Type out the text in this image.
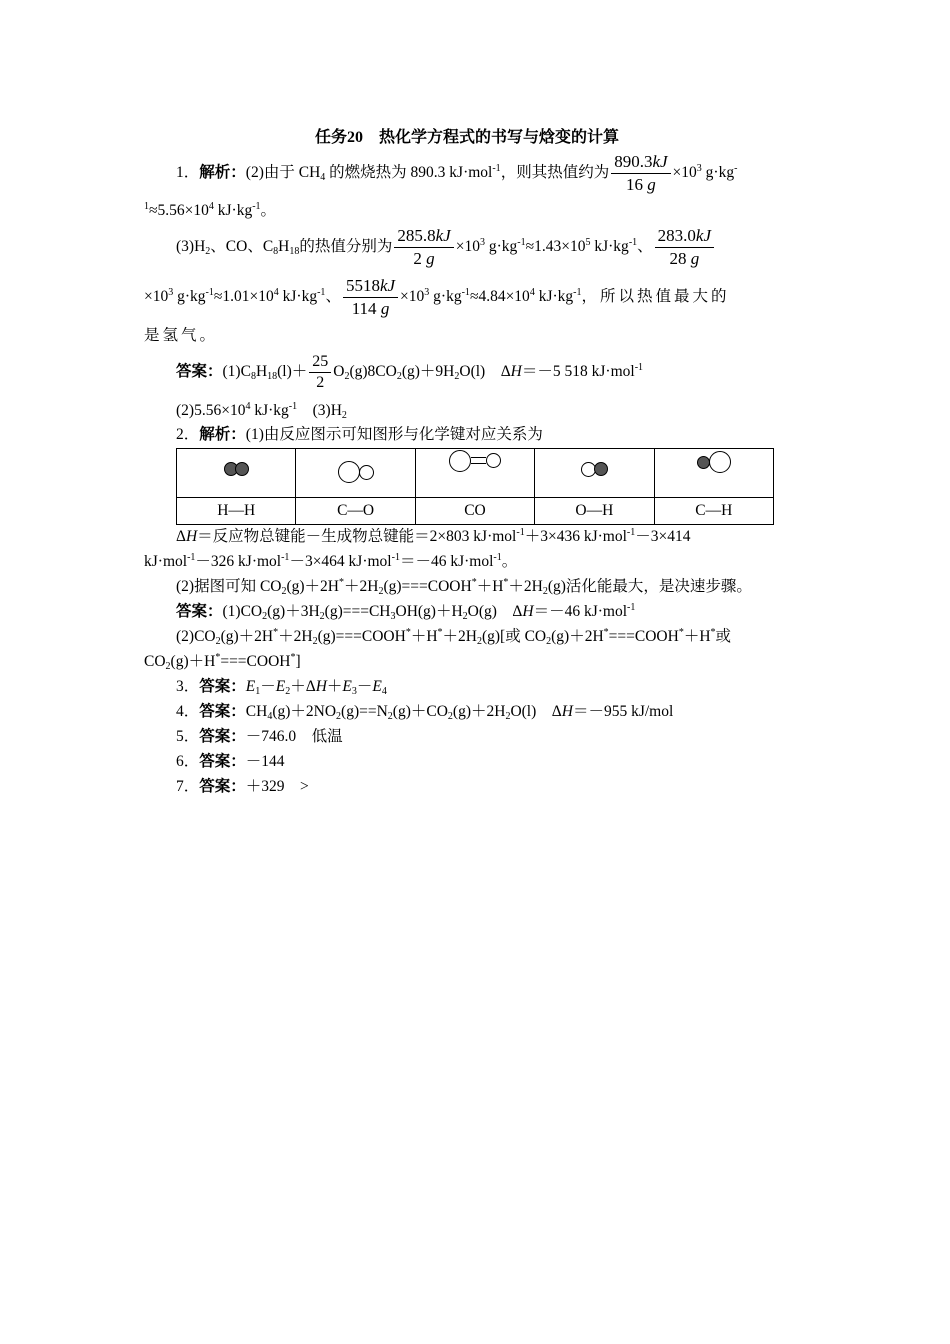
任务20　热化学方程式的书写与焓变的计算
1．解析：(2)由于 $CH_4$ 的燃烧热为 890.3 kJ·mol$^{-1}$，则其热值约为 $\frac{890.3kJ}{16 g} \times 10^3$ g·kg-
$^1\approx 5.56\times 10^4$ $kJ\cdot kg^{-1}$。
$(3)H_2$、CO、$C_8H_{18}$的热值分别为 $\frac{285.8kJ}{2 g} \times 10^3$ $g\cdot kg^{-1}\approx 1.43\times 10^5$ $kJ\cdot kg^{-1}$、 $\frac{283.0kJ}{28 g}$
$\times 10^3$ $g\cdot kg^{-1}\approx 1.01\times 10^4$ $kJ\cdot kg^{-1}$、 $\frac{5518kJ}{114 g} \times 10^3$ $g\cdot kg^{-1}\approx 4.84\times 10^4$ $kJ\cdot kg^{-1}$，所以热值最大的
是氢气。
答案：$(1)C_8H_{18}(l)+ \frac{25}{2} O_2(g)8CO_2(g)+9H_2O(l)$　ΔH＝－5 518 kJ·mol$^{-1}$
$(2)5.56\times 10^4$ $kJ\cdot kg^{-1}$　$(3)H_2$
2．解析：(1)由反应图示可知图形与化学键对应关系为

H—H	C—O	CO	O—H	C—H
ΔH＝反应物总键能－生成物总键能＝2×803 kJ·mol$^{-1}$＋3×436 kJ·mol$^{-1}$－3×414
kJ·mol$^{-1}$－326 kJ·mol$^{-1}$－3×464 kJ·mol$^{-1}$＝－46 kJ·mol$^{-1}$。
(2)据图可知 $CO_2(g)+2H^*+2H_2(g)===COOH^*+H^*+2H_2(g)$活化能最大，是决速步骤。
答案：$(1)CO_2(g)+3H_2(g)===CH_3OH(g)+H_2O(g)$　ΔH＝－46 kJ·mol$^{-1}$
$(2)CO_2(g)+2H^*+2H_2(g)===COOH^*+H^*+2H_2(g)$[或 $CO_2(g)+2H^*===COOH^*+H^*$或
$CO_2(g)+H^*===COOH^*$]
3．答案：$E_1-E_2+\Delta H+E_3-E_4$
4．答案：$CH_4(g)+2NO_2(g)==N_2(g)+CO_2(g)+2H_2O(l)$　ΔH＝－955 kJ/mol
5．答案：－746.0　低温
6．答案：－144
7．答案：＋329　>
